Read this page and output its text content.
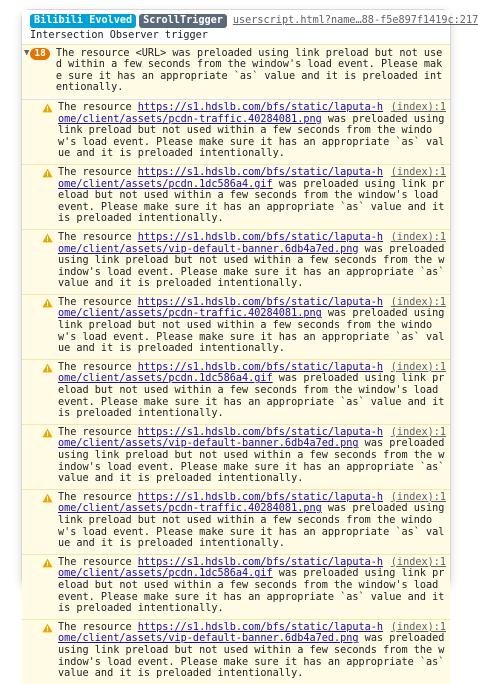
Bilibili Evolved	ScrollTrigger userscript.html?name…88-f5e897f1419c:217
Intersection Observer trigger
▼ 18 The resource <URL> was preloaded using link preload but not used within a few seconds from the window's load event. Please make sure it has an appropriate `as` value and it is preloaded intentionally.
(index):1
The resource https://s1.hdslb.com/bfs/static/laputa-home/client/assets/pcdn-traffic.40284081.png was preloaded using link preload but not used within a few seconds from the window's load event. Please make sure it has an appropriate `as` value and it is preloaded intentionally.
(index):1
The resource https://s1.hdslb.com/bfs/static/laputa-home/client/assets/pcdn.1dc586a4.gif was preloaded using link preload but not used within a few seconds from the window's load event. Please make sure it has an appropriate `as` value and it is preloaded intentionally.
(index):1
The resource https://s1.hdslb.com/bfs/static/laputa-home/client/assets/vip-default-banner.6db4a7ed.png was preloaded using link preload but not used within a few seconds from the window's load event. Please make sure it has an appropriate `as` value and it is preloaded intentionally.
(index):1
The resource https://s1.hdslb.com/bfs/static/laputa-home/client/assets/pcdn-traffic.40284081.png was preloaded using link preload but not used within a few seconds from the window's load event. Please make sure it has an appropriate `as` value and it is preloaded intentionally.
(index):1
The resource https://s1.hdslb.com/bfs/static/laputa-home/client/assets/pcdn.1dc586a4.gif was preloaded using link preload but not used within a few seconds from the window's load event. Please make sure it has an appropriate `as` value and it is preloaded intentionally.
(index):1
The resource https://s1.hdslb.com/bfs/static/laputa-home/client/assets/vip-default-banner.6db4a7ed.png was preloaded using link preload but not used within a few seconds from the window's load event. Please make sure it has an appropriate `as` value and it is preloaded intentionally.
(index):1
The resource https://s1.hdslb.com/bfs/static/laputa-home/client/assets/pcdn-traffic.40284081.png was preloaded using link preload but not used within a few seconds from the window's load event. Please make sure it has an appropriate `as` value and it is preloaded intentionally.
(index):1
The resource https://s1.hdslb.com/bfs/static/laputa-home/client/assets/pcdn.1dc586a4.gif was preloaded using link preload but not used within a few seconds from the window's load event. Please make sure it has an appropriate `as` value and it is preloaded intentionally.
(index):1
The resource https://s1.hdslb.com/bfs/static/laputa-home/client/assets/vip-default-banner.6db4a7ed.png was preloaded using link preload but not used within a few seconds from the window's load event. Please make sure it has an appropriate `as` value and it is preloaded intentionally.
